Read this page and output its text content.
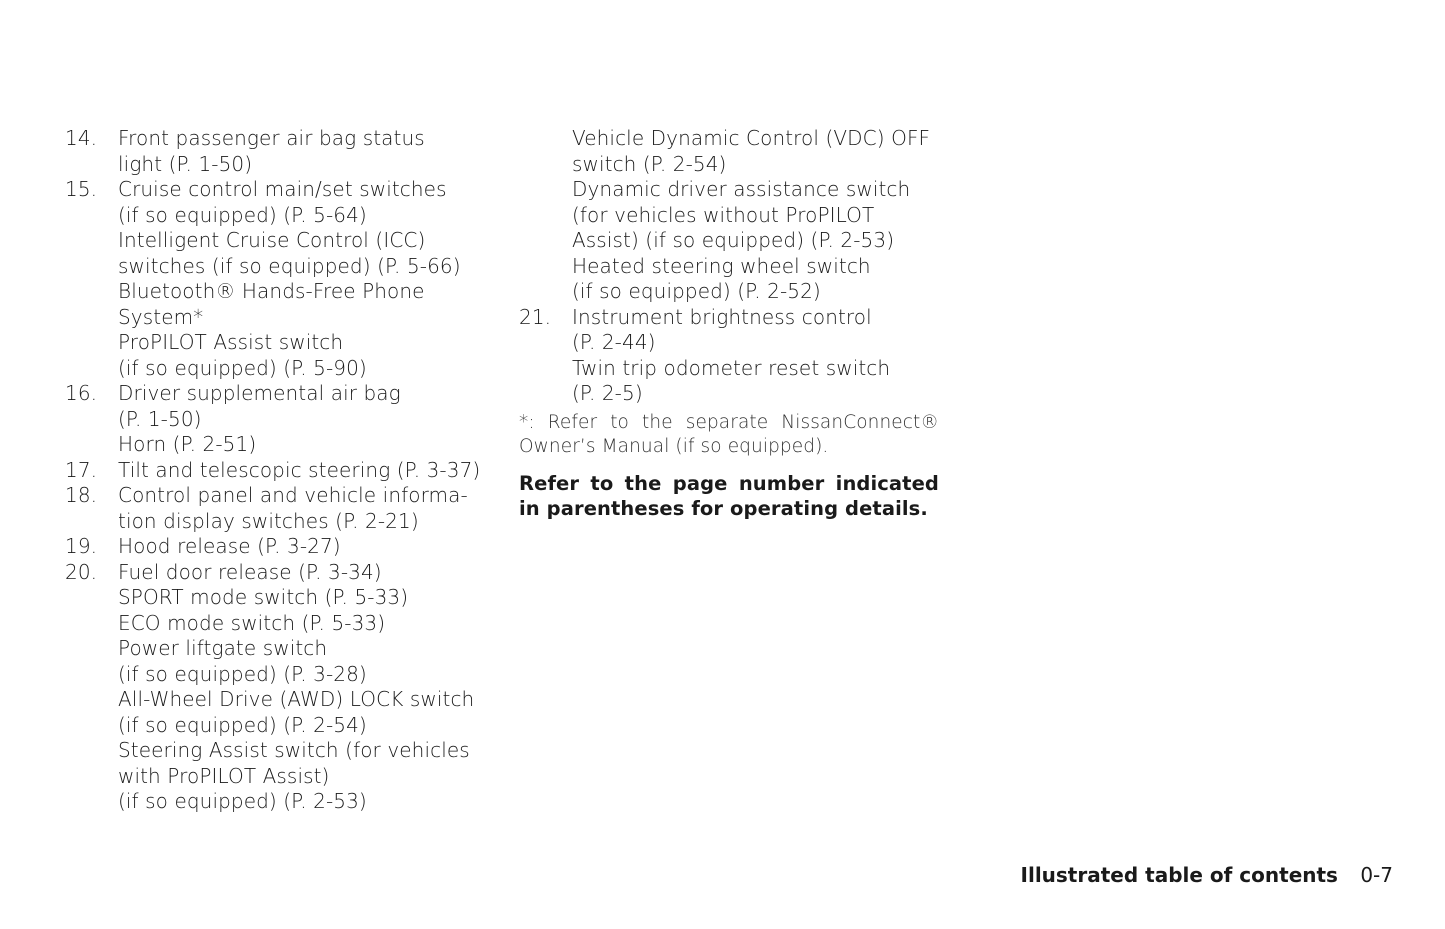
14.	Front passenger air bag status
light (P. 1-50)
15.	Cruise control main/set switches
(if so equipped) (P. 5-64)
Intelligent Cruise Control (ICC)
switches (if so equipped) (P. 5-66)
Bluetooth® Hands-Free Phone
System*
ProPILOT Assist switch
(if so equipped) (P. 5-90)
16.	Driver supplemental air bag
(P. 1-50)
Horn (P. 2-51)
17.	Tilt and telescopic steering (P. 3-37)
18.	Control panel and vehicle informa-
tion display switches (P. 2-21)
19.	Hood release (P. 3-27)
20.	Fuel door release (P. 3-34)
SPORT mode switch (P. 5-33)
ECO mode switch (P. 5-33)
Power liftgate switch
(if so equipped) (P. 3-28)
All-Wheel Drive (AWD) LOCK switch
(if so equipped) (P. 2-54)
Steering Assist switch (for vehicles
with ProPILOT Assist)
(if so equipped) (P. 2-53)
Vehicle Dynamic Control (VDC) OFF
switch (P. 2-54)
Dynamic driver assistance switch
(for vehicles without ProPILOT
Assist) (if so equipped) (P. 2-53)
Heated steering wheel switch
(if so equipped) (P. 2-52)
21.	Instrument brightness control
(P. 2-44)
Twin trip odometer reset switch
(P. 2-5)
*: Refer to the separate NissanConnect® Owner’s Manual (if so equipped).
Refer to the page number indicated in parentheses for operating details.
Illustrated table of contents 0-7
